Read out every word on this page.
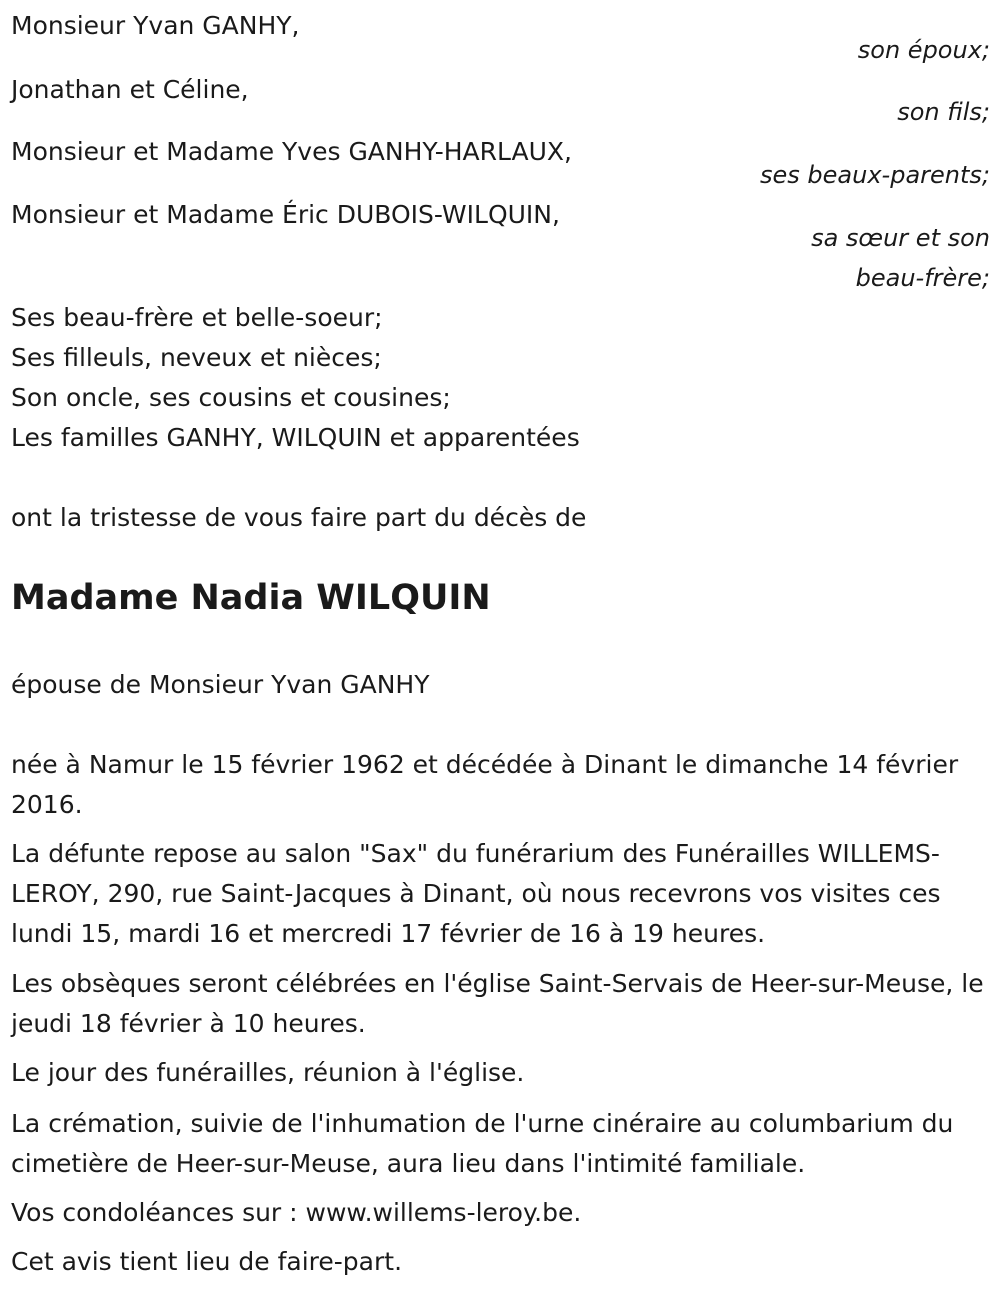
Monsieur Yvan GANHY,

son époux;

Jonathan et Céline,

son fils;

Monsieur et Madame Yves GANHY-HARLAUX,

ses beaux-parents;

Monsieur et Madame Éric DUBOIS-WILQUIN,

sa sœur et son beau-frère;

Ses beau-frère et belle-soeur;
Ses filleuls, neveux et nièces;
Son oncle, ses cousins et cousines;
Les familles GANHY, WILQUIN et apparentées

ont la tristesse de vous faire part du décès de

Madame Nadia WILQUIN

épouse de Monsieur Yvan GANHY

née à Namur le 15 février 1962 et décédée à Dinant le dimanche 14 février 2016.

La défunte repose au salon "Sax" du funérarium des Funérailles WILLEMS-LEROY, 290, rue Saint-Jacques à Dinant, où nous recevrons vos visites ces lundi 15, mardi 16 et mercredi 17 février de 16 à 19 heures.

Les obsèques seront célébrées en l'église Saint-Servais de Heer-sur-Meuse, le jeudi 18 février à 10 heures.

Le jour des funérailles, réunion à l'église.

La crémation, suivie de l'inhumation de l'urne cinéraire au columbarium du cimetière de Heer-sur-Meuse, aura lieu dans l'intimité familiale.

Vos condoléances sur : www.willems-leroy.be.

Cet avis tient lieu de faire-part.
